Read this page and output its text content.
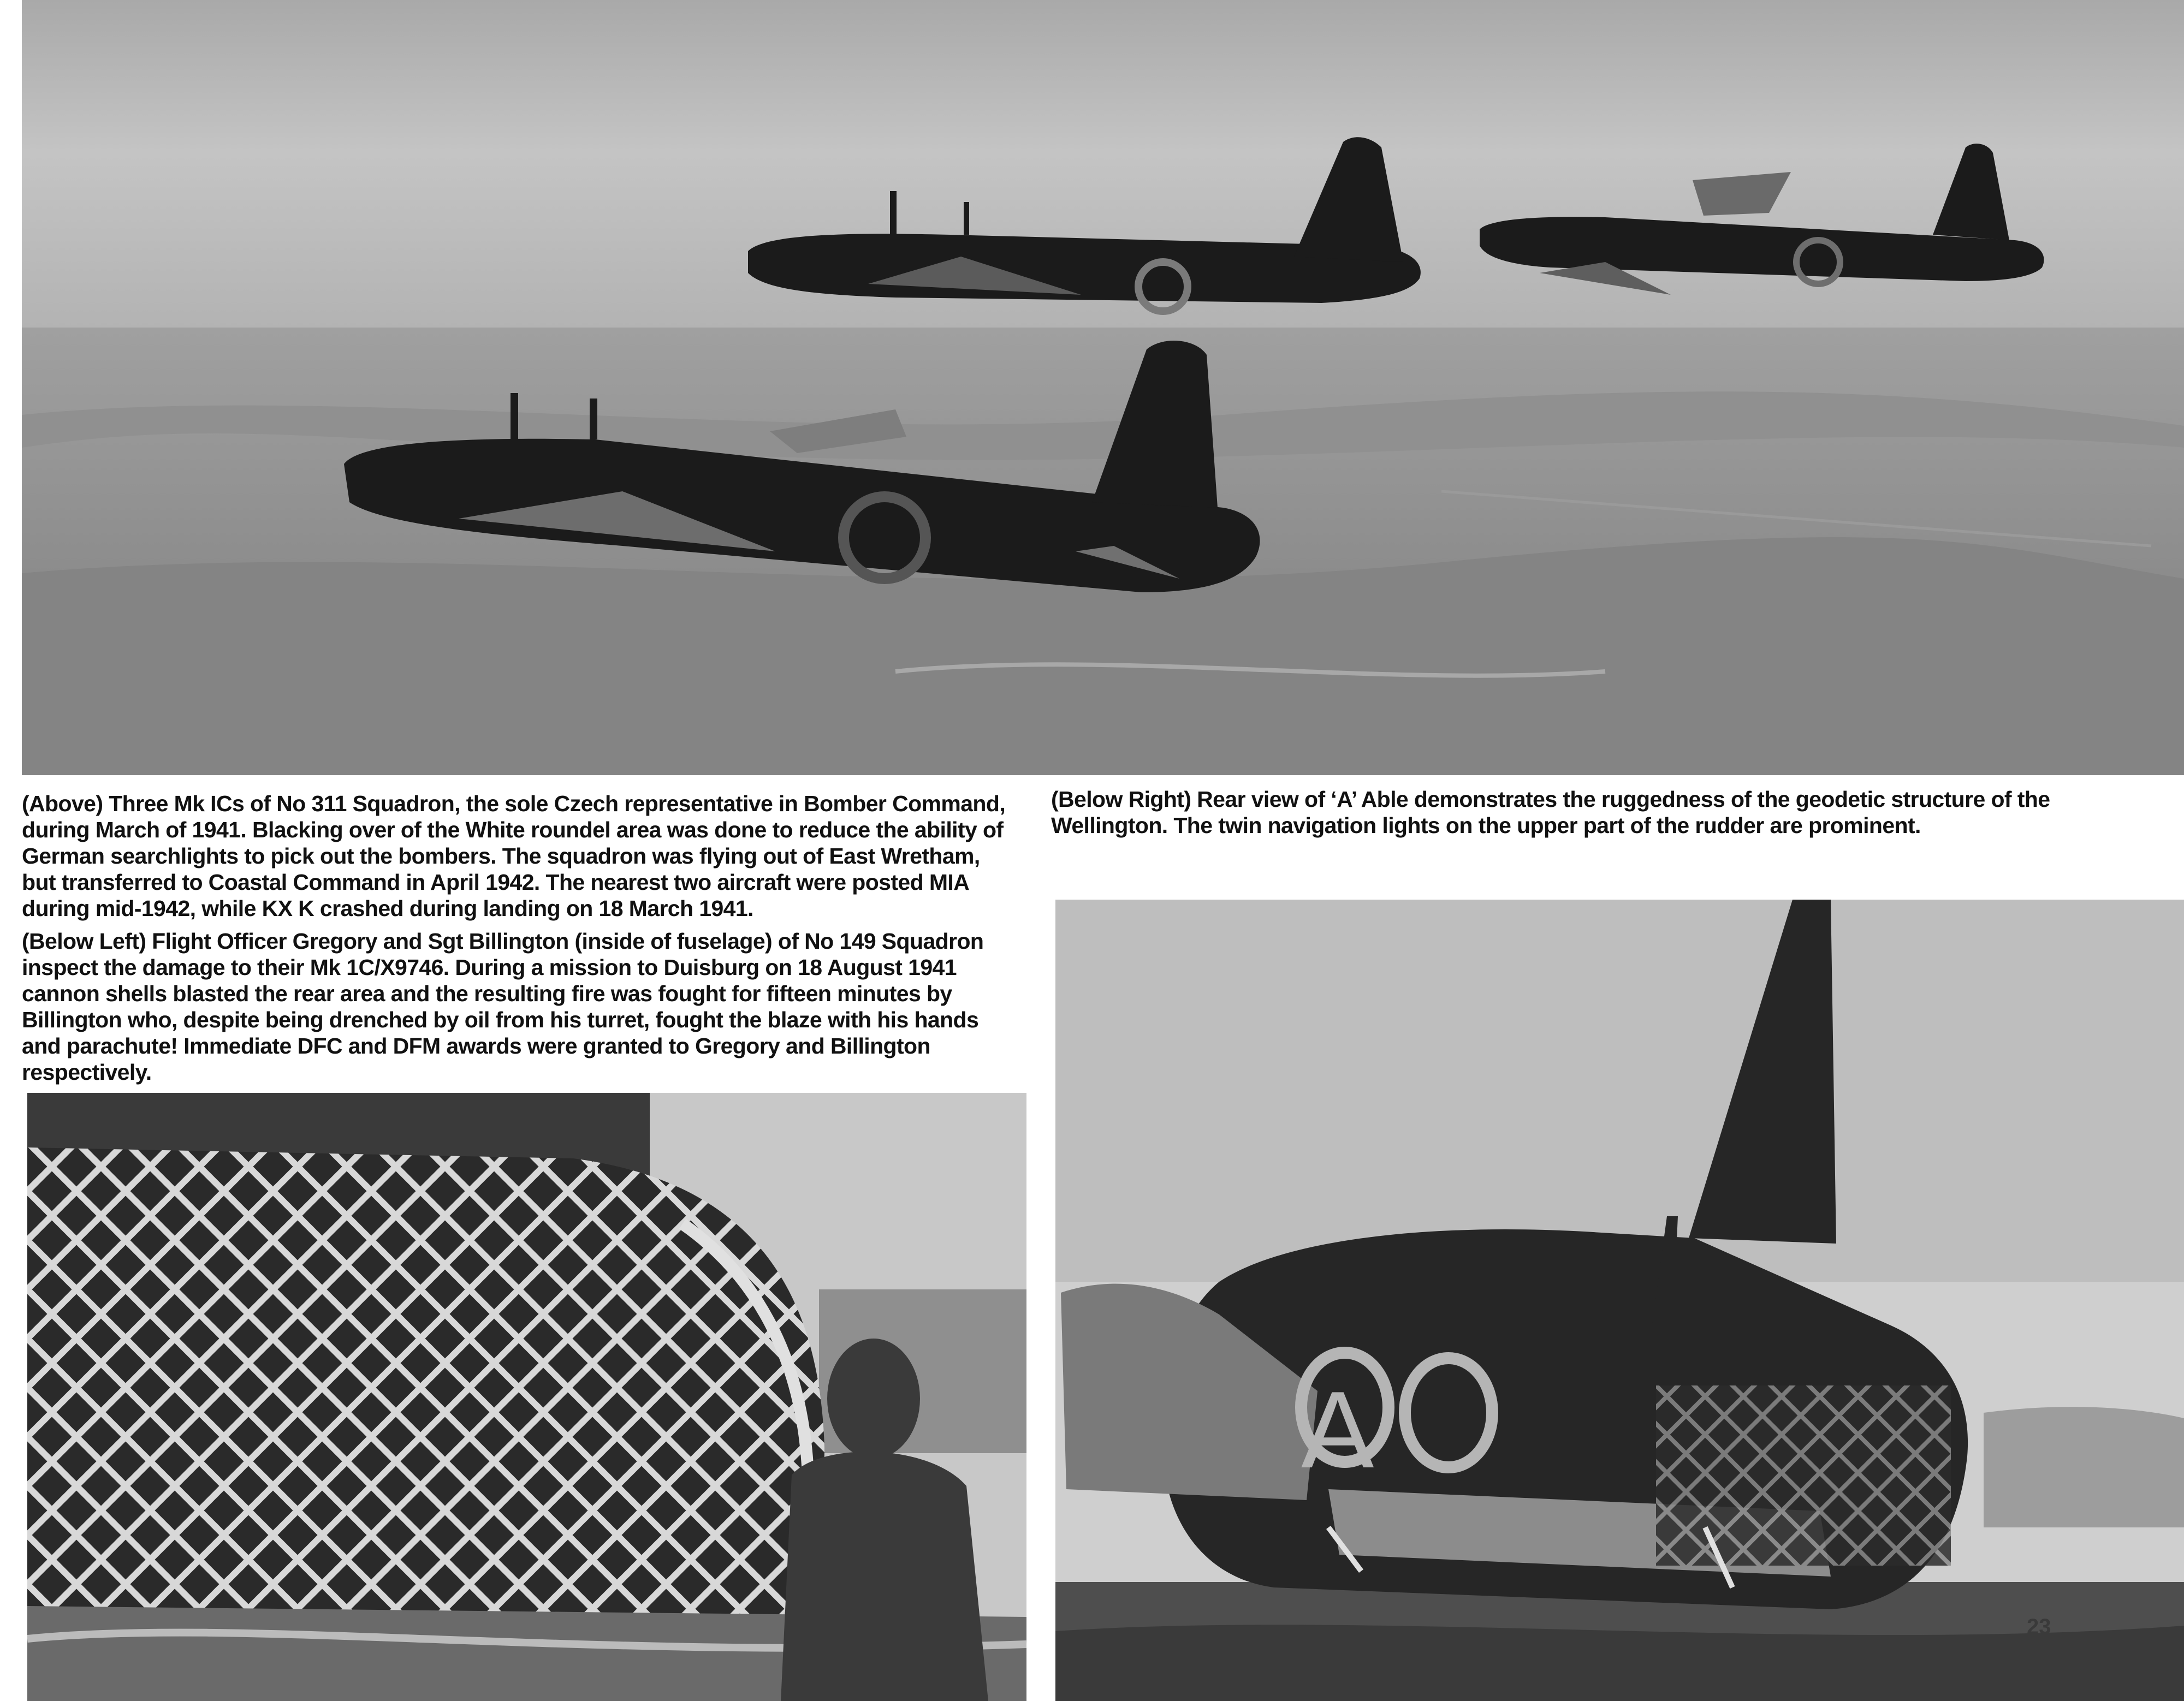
(Above) Three Mk ICs of No 311 Squadron, the sole Czech representative in Bomber Command, during March of 1941. Blacking over of the White roundel area was done to reduce the ability of German searchlights to pick out the bombers. The squadron was flying out of East Wretham, but transferred to Coastal Command in April 1942. The nearest two aircraft were posted MIA during mid-1942, while KX K crashed during landing on 18 March 1941.

(Below Left) Flight Officer Gregory and Sgt Billington (inside of fuselage) of No 149 Squadron inspect the damage to their Mk 1C/X9746. During a mission to Duisburg on 18 August 1941 cannon shells blasted the rear area and the resulting fire was fought for fifteen minutes by Billington who, despite being drenched by oil from his turret, fought the blaze with his hands and parachute! Immediate DFC and DFM awards were granted to Gregory and Billington respectively.

(Below Right) Rear view of ‘A’ Able demonstrates the ruggedness of the geodetic structure of the Wellington. The twin navigation lights on the upper part of the rudder are prominent.

A
23
